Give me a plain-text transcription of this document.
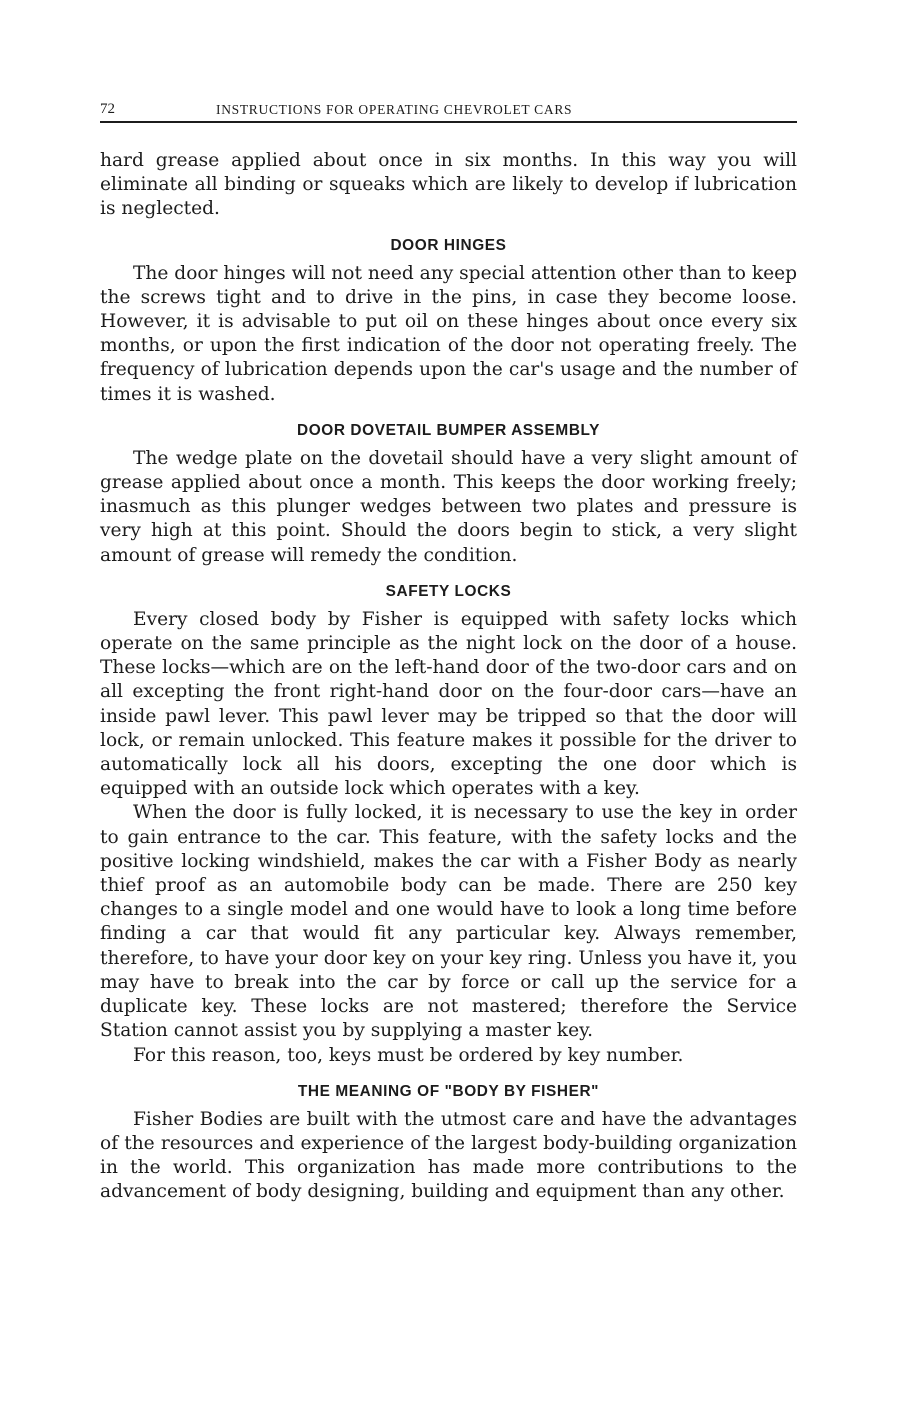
72	INSTRUCTIONS FOR OPERATING CHEVROLET CARS

hard grease applied about once in six months. In this way you will eliminate all binding or squeaks which are likely to develop if lubrication is neglected.

DOOR HINGES

The door hinges will not need any special attention other than to keep the screws tight and to drive in the pins, in case they become loose. However, it is advisable to put oil on these hinges about once every six months, or upon the first indication of the door not operating freely. The frequency of lubrication depends upon the car's usage and the number of times it is washed.

DOOR DOVETAIL BUMPER ASSEMBLY

The wedge plate on the dovetail should have a very slight amount of grease applied about once a month. This keeps the door working freely; inasmuch as this plunger wedges between two plates and pressure is very high at this point. Should the doors begin to stick, a very slight amount of grease will remedy the condition.

SAFETY LOCKS

Every closed body by Fisher is equipped with safety locks which operate on the same principle as the night lock on the door of a house. These locks—which are on the left-hand door of the two-door cars and on all excepting the front right-hand door on the four-door cars—have an inside pawl lever. This pawl lever may be tripped so that the door will lock, or remain unlocked. This feature makes it possible for the driver to automatically lock all his doors, excepting the one door which is equipped with an outside lock which operates with a key.

When the door is fully locked, it is necessary to use the key in order to gain entrance to the car. This feature, with the safety locks and the positive locking windshield, makes the car with a Fisher Body as nearly thief proof as an automobile body can be made. There are 250 key changes to a single model and one would have to look a long time before finding a car that would fit any particular key. Always remember, therefore, to have your door key on your key ring. Unless you have it, you may have to break into the car by force or call up the service for a duplicate key. These locks are not mastered; therefore the Service Station cannot assist you by supplying a master key.

For this reason, too, keys must be ordered by key number.

THE MEANING OF "BODY BY FISHER"

Fisher Bodies are built with the utmost care and have the advantages of the resources and experience of the largest body-building organization in the world. This organization has made more contributions to the advancement of body designing, building and equipment than any other.
